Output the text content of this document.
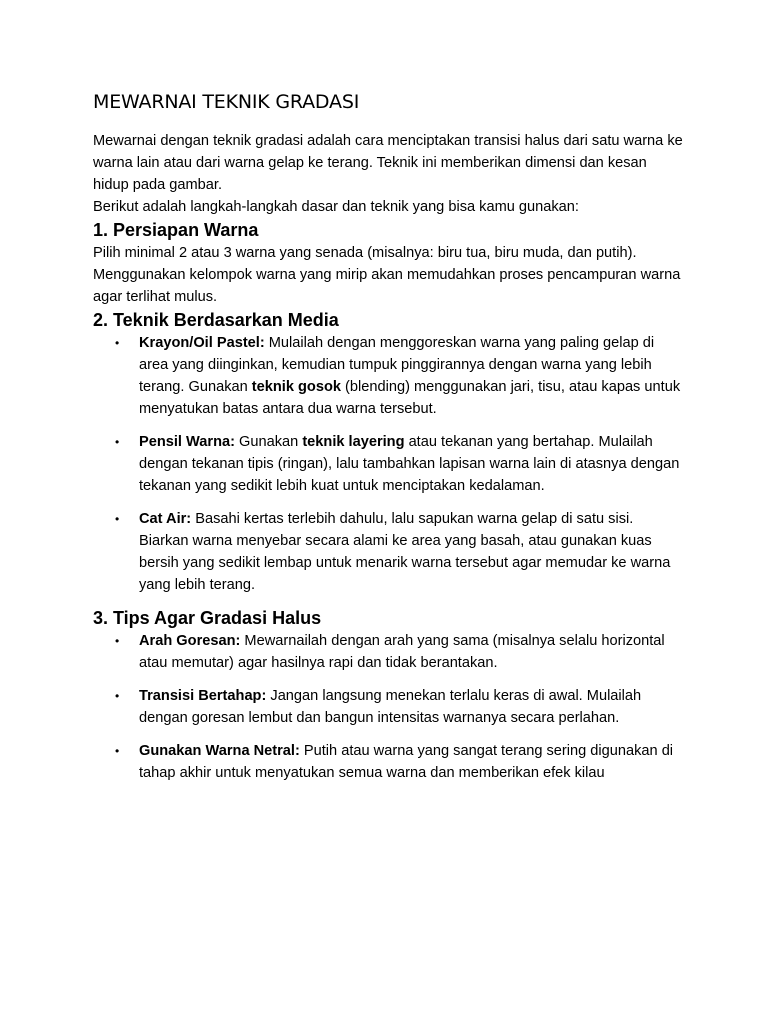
MEWARNAI TEKNIK GRADASI

Mewarnai dengan teknik gradasi adalah cara menciptakan transisi halus dari satu warna ke warna lain atau dari warna gelap ke terang. Teknik ini memberikan dimensi dan kesan hidup pada gambar.

Berikut adalah langkah-langkah dasar dan teknik yang bisa kamu gunakan:

1. Persiapan Warna

Pilih minimal 2 atau 3 warna yang senada (misalnya: biru tua, biru muda, dan putih). Menggunakan kelompok warna yang mirip akan memudahkan proses pencampuran warna agar terlihat mulus.

2. Teknik Berdasarkan Media
• Krayon/Oil Pastel: Mulailah dengan menggoreskan warna yang paling gelap di area yang diinginkan, kemudian tumpuk pinggirannya dengan warna yang lebih terang. Gunakan teknik gosok (blending) menggunakan jari, tisu, atau kapas untuk menyatukan batas antara dua warna tersebut.
• Pensil Warna: Gunakan teknik layering atau tekanan yang bertahap. Mulailah dengan tekanan tipis (ringan), lalu tambahkan lapisan warna lain di atasnya dengan tekanan yang sedikit lebih kuat untuk menciptakan kedalaman.
• Cat Air: Basahi kertas terlebih dahulu, lalu sapukan warna gelap di satu sisi. Biarkan warna menyebar secara alami ke area yang basah, atau gunakan kuas bersih yang sedikit lembap untuk menarik warna tersebut agar memudar ke warna yang lebih terang.
3. Tips Agar Gradasi Halus
• Arah Goresan: Mewarnailah dengan arah yang sama (misalnya selalu horizontal atau memutar) agar hasilnya rapi dan tidak berantakan.
• Transisi Bertahap: Jangan langsung menekan terlalu keras di awal. Mulailah dengan goresan lembut dan bangun intensitas warnanya secara perlahan.
• Gunakan Warna Netral: Putih atau warna yang sangat terang sering digunakan di tahap akhir untuk menyatukan semua warna dan memberikan efek kilau
